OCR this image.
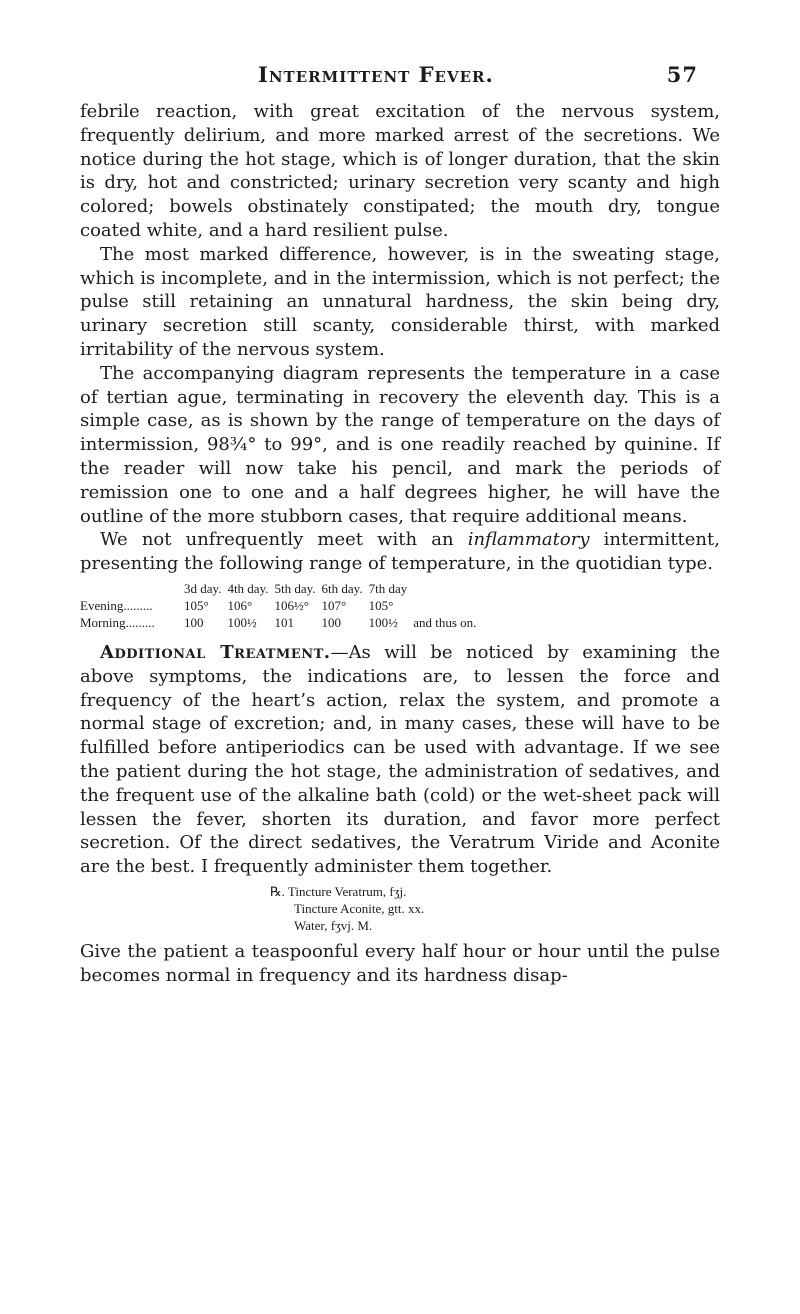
Intermittent Fever.	57

febrile reaction, with great excitation of the nervous system, frequently delirium, and more marked arrest of the secretions. We notice during the hot stage, which is of longer duration, that the skin is dry, hot and constricted; urinary secretion very scanty and high colored; bowels obstinately constipated; the mouth dry, tongue coated white, and a hard resilient pulse.

The most marked difference, however, is in the sweating stage, which is incomplete, and in the intermission, which is not perfect; the pulse still retaining an unnatural hardness, the skin being dry, urinary secretion still scanty, considerable thirst, with marked irritability of the nervous system.

The accompanying diagram represents the temperature in a case of tertian ague, terminating in recovery the eleventh day. This is a simple case, as is shown by the range of temperature on the days of intermission, 98¾° to 99°, and is one readily reached by quinine. If the reader will now take his pencil, and mark the periods of remission one to one and a half degrees higher, he will have the outline of the more stubborn cases, that require additional means.

We not unfrequently meet with an inflammatory intermittent, presenting the following range of temperature, in the quotidian type.

	3d day.	4th day.	5th day.	6th day.	7th day	
Evening.........	105°	106°	106½°	107°	105°	
Morning.........	100	100½	101	100	100½	and thus on.

Additional Treatment.—As will be noticed by examining the above symptoms, the indications are, to lessen the force and frequency of the heart’s action, relax the system, and promote a normal stage of excretion; and, in many cases, these will have to be fulfilled before antiperiodics can be used with advantage. If we see the patient during the hot stage, the administration of sedatives, and the frequent use of the alkaline bath (cold) or the wet-sheet pack will lessen the fever, shorten its duration, and favor more perfect secretion. Of the direct sedatives, the Veratrum Viride and Aconite are the best. I frequently administer them together.

℞. Tincture Veratrum, fʒj.
Tincture Aconite, gtt. xx.
Water, fʒvj. M.

Give the patient a teaspoonful every half hour or hour until the pulse becomes normal in frequency and its hardness disap-
